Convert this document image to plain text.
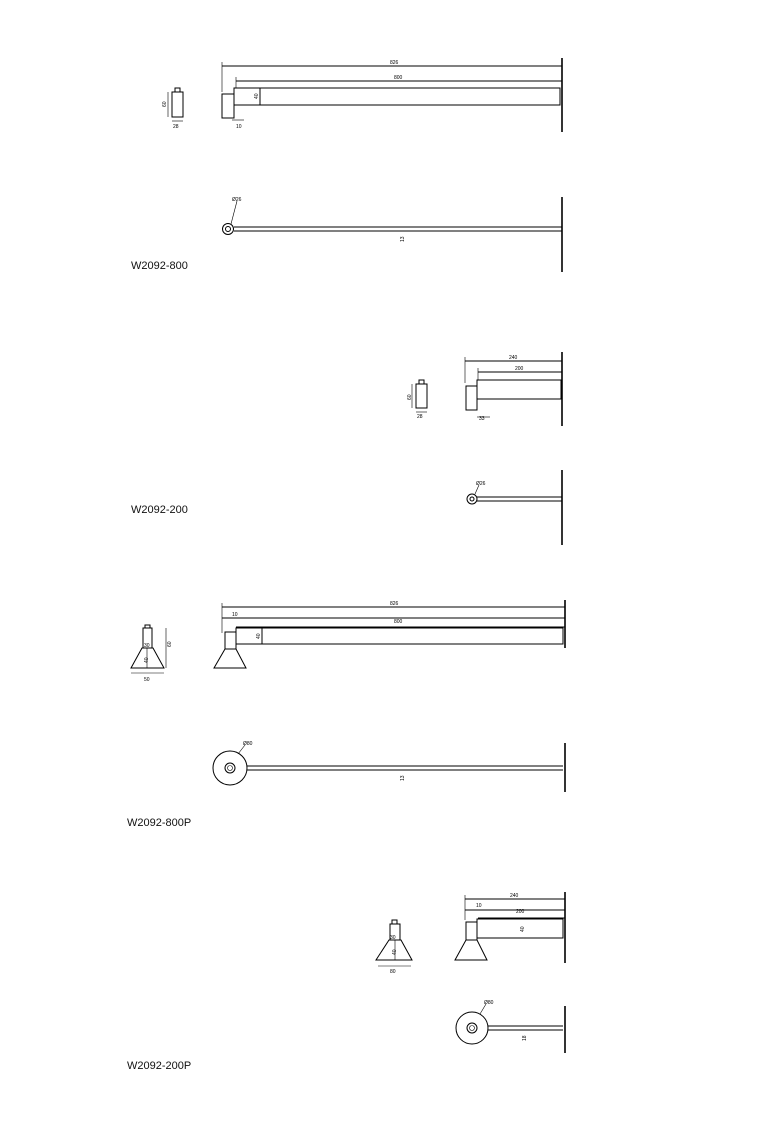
826
800
40
10
60
28
Ø26
13
240
200
33
60
28
Ø26
826
10
800
40
30
40
60
50
Ø80
13
240
10
200
40
30
40
80
Ø80
18

W2092-800

W2092-200

W2092-800P

W2092-200P
